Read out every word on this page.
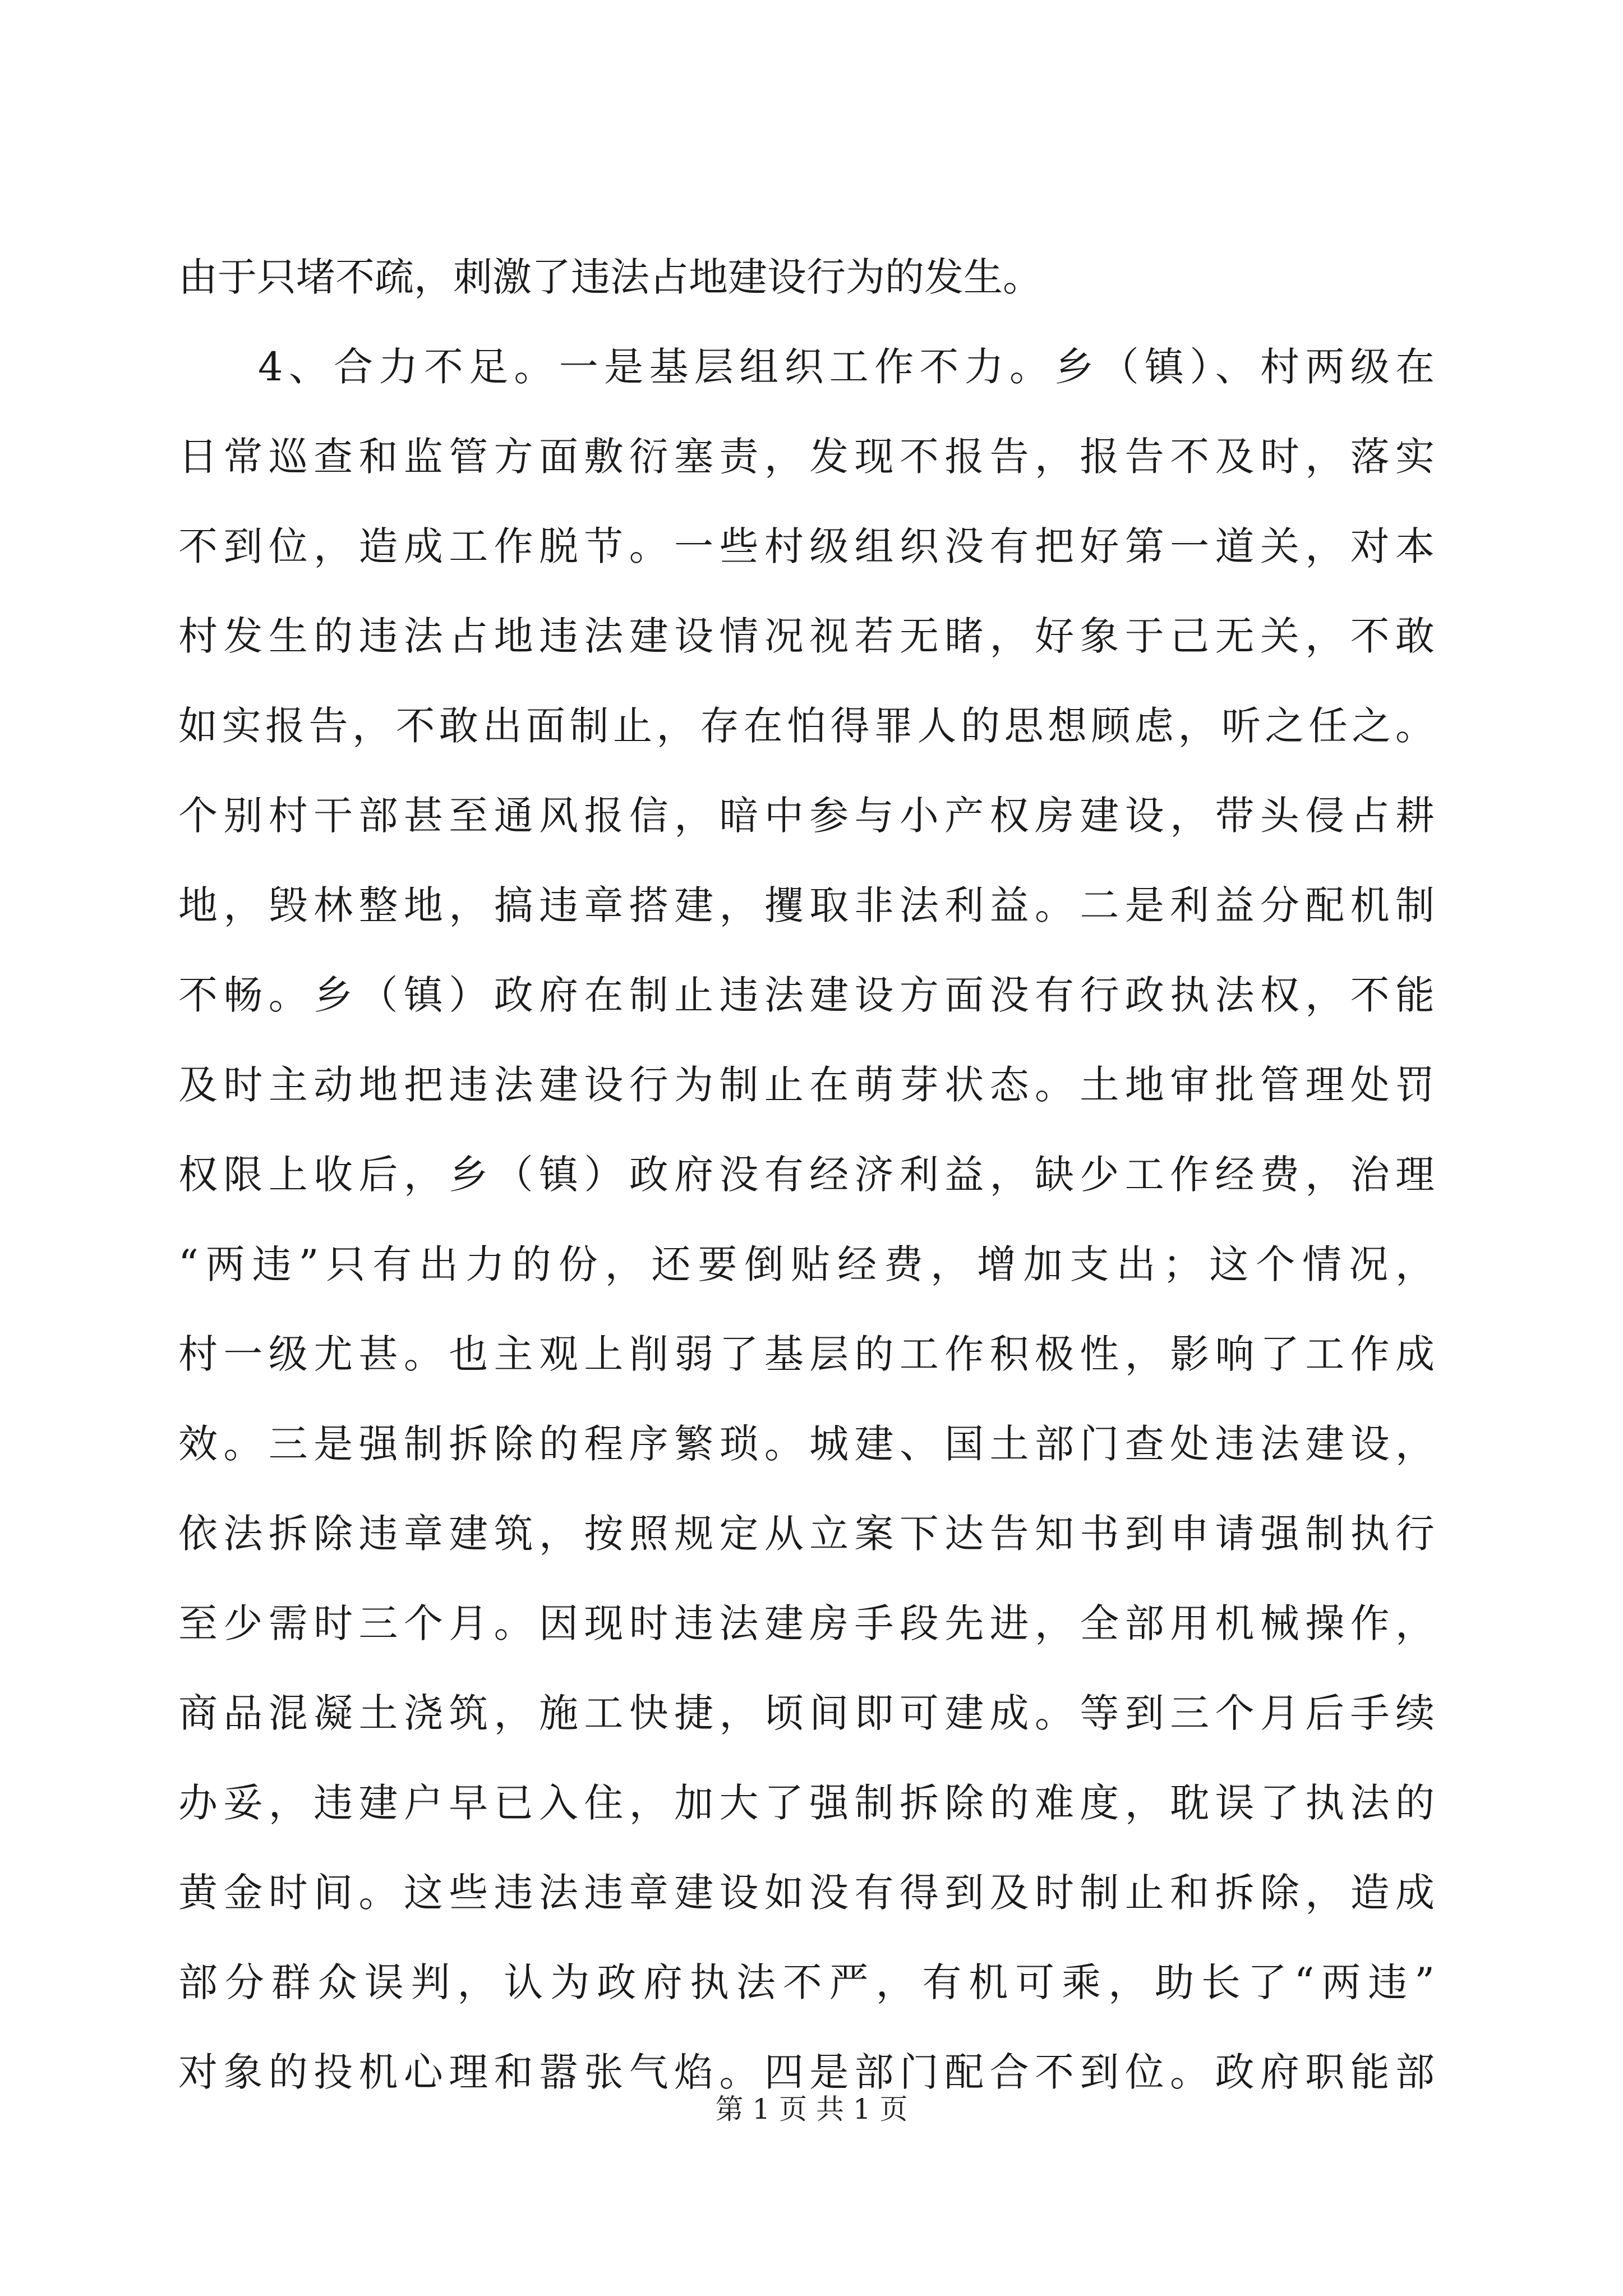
由于只堵不疏，刺激了违法占地建设行为的发生。
4、合力不足。一是基层组织工作不力。乡（镇）、村两级在
日常巡查和监管方面敷衍塞责，发现不报告，报告不及时，落实
不到位，造成工作脱节。一些村级组织没有把好第一道关，对本
村发生的违法占地违法建设情况视若无睹，好象于己无关，不敢
如实报告，不敢出面制止，存在怕得罪人的思想顾虑，听之任之。
个别村干部甚至通风报信，暗中参与小产权房建设，带头侵占耕
地，毁林整地，搞违章搭建，攫取非法利益。二是利益分配机制
不畅。乡（镇）政府在制止违法建设方面没有行政执法权，不能
及时主动地把违法建设行为制止在萌芽状态。土地审批管理处罚
权限上收后，乡（镇）政府没有经济利益，缺少工作经费，治理
“两违”只有出力的份，还要倒贴经费，增加支出；这个情况，
村一级尤甚。也主观上削弱了基层的工作积极性，影响了工作成
效。三是强制拆除的程序繁琐。城建、国土部门查处违法建设，
依法拆除违章建筑，按照规定从立案下达告知书到申请强制执行
至少需时三个月。因现时违法建房手段先进，全部用机械操作，
商品混凝土浇筑，施工快捷，顷间即可建成。等到三个月后手续
办妥，违建户早已入住，加大了强制拆除的难度，耽误了执法的
黄金时间。这些违法违章建设如没有得到及时制止和拆除，造成
部分群众误判，认为政府执法不严，有机可乘，助长了“两违”
对象的投机心理和嚣张气焰。四是部门配合不到位。政府职能部
第 1 页 共 1 页
